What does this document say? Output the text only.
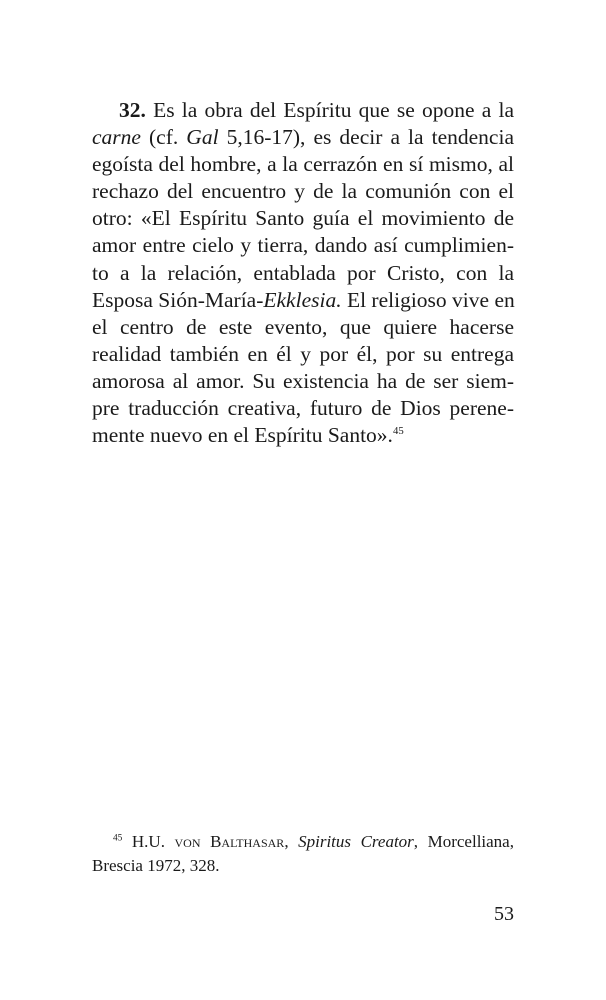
32. Es la obra del Espíritu que se opone a la
carne (cf. Gal 5,16-17), es decir a la tendencia
egoísta del hombre, a la cerrazón en sí mismo, al
rechazo del encuentro y de la comunión con el
otro: «El Espíritu Santo guía el movimiento de
amor entre cielo y tierra, dando así cumplimien-
to a la relación, entablada por Cristo, con la
Esposa Sión-María-Ekklesia. El religioso vive en
el centro de este evento, que quiere hacerse
realidad también en él y por él, por su entrega
amorosa al amor. Su existencia ha de ser siem-
pre traducción creativa, futuro de Dios perene-
mente nuevo en el Espíritu Santo».$^{45}$
$^{45}$ H.U. von Balthasar, Spiritus Creator, Morcelliana,
Brescia 1972, 328.
53
